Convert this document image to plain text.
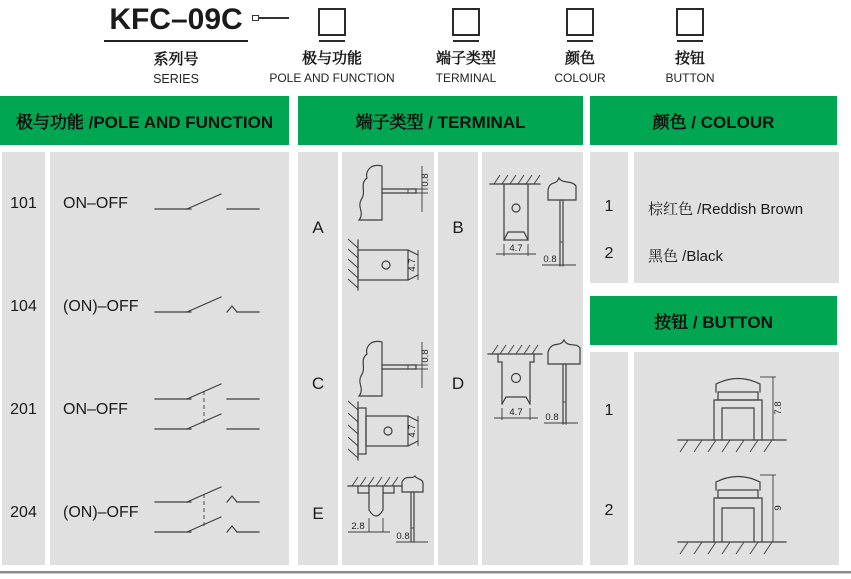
KFC–09C
系列号
SERIES
极与功能
POLE AND FUNCTION
端子类型
TERMINAL
颜色
COLOUR
按钮
BUTTON
极与功能 /POLE AND FUNCTION	端子类型 / TERMINAL	颜色 / COLOUR
按钮 / BUTTON
101
104
201
204
ON–OFF
(ON)–OFF
ON–OFF
(ON)–OFF
A
C
E
0.8
4.7
0.8
4.7
2.8
0.8
B
D
4.7
0.8
4.7 0.8
1
2
棕红色 /Reddish Brown
黑色 /Black
1
2
7.8
9
